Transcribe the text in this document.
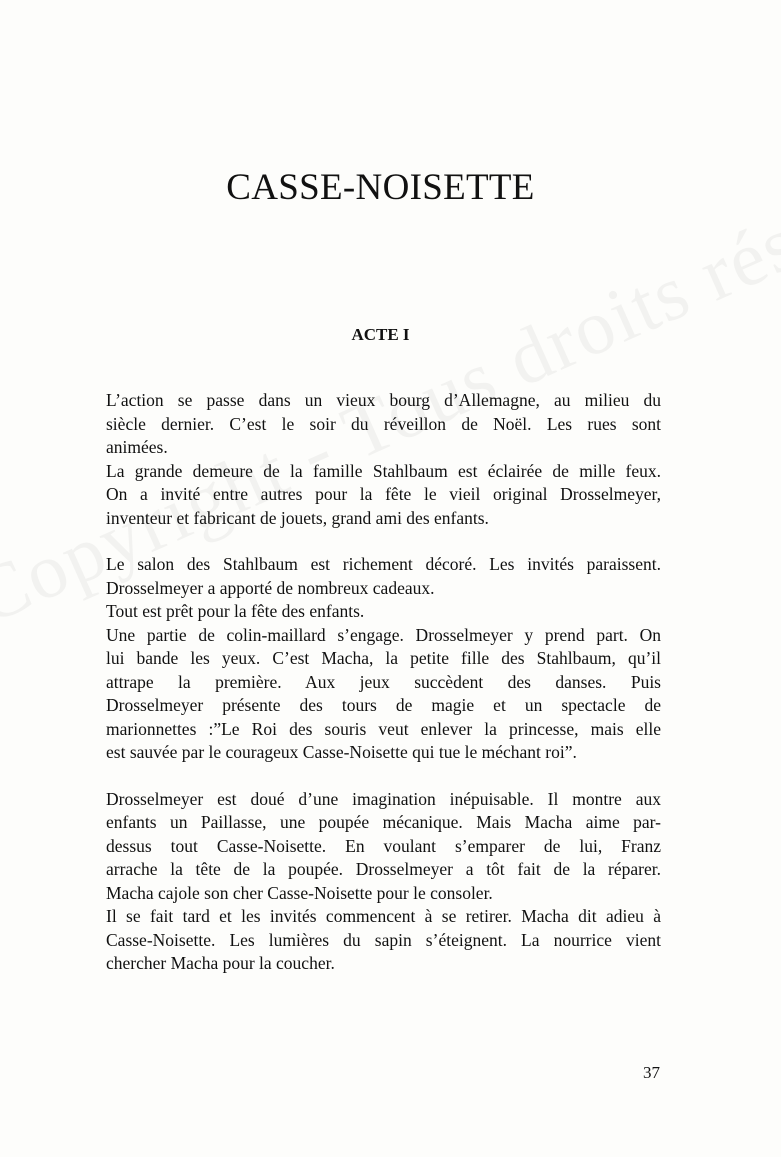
CASSE-NOISETTE
ACTE I

L’action se passe dans un vieux bourg d’Allemagne, au milieu du
siècle dernier. C’est le soir du réveillon de Noël. Les rues sont
animées.
La grande demeure de la famille Stahlbaum est éclairée de mille feux.
On a invité entre autres pour la fête le vieil original Drosselmeyer,
inventeur et fabricant de jouets, grand ami des enfants.

Le salon des Stahlbaum est richement décoré. Les invités paraissent.
Drosselmeyer a apporté de nombreux cadeaux.
Tout est prêt pour la fête des enfants.
Une partie de colin-maillard s’engage. Drosselmeyer y prend part. On
lui bande les yeux. C’est Macha, la petite fille des Stahlbaum, qu’il
attrape la première. Aux jeux succèdent des danses. Puis
Drosselmeyer présente des tours de magie et un spectacle de
marionnettes :”Le Roi des souris veut enlever la princesse, mais elle
est sauvée par le courageux Casse-Noisette qui tue le méchant roi”.

Drosselmeyer est doué d’une imagination inépuisable. Il montre aux
enfants un Paillasse, une poupée mécanique. Mais Macha aime par-
dessus tout Casse-Noisette. En voulant s’emparer de lui, Franz
arrache la tête de la poupée. Drosselmeyer a tôt fait de la réparer.
Macha cajole son cher Casse-Noisette pour le consoler.
Il se fait tard et les invités commencent à se retirer. Macha dit adieu à
Casse-Noisette. Les lumières du sapin s’éteignent. La nourrice vient
chercher Macha pour la coucher.

37
